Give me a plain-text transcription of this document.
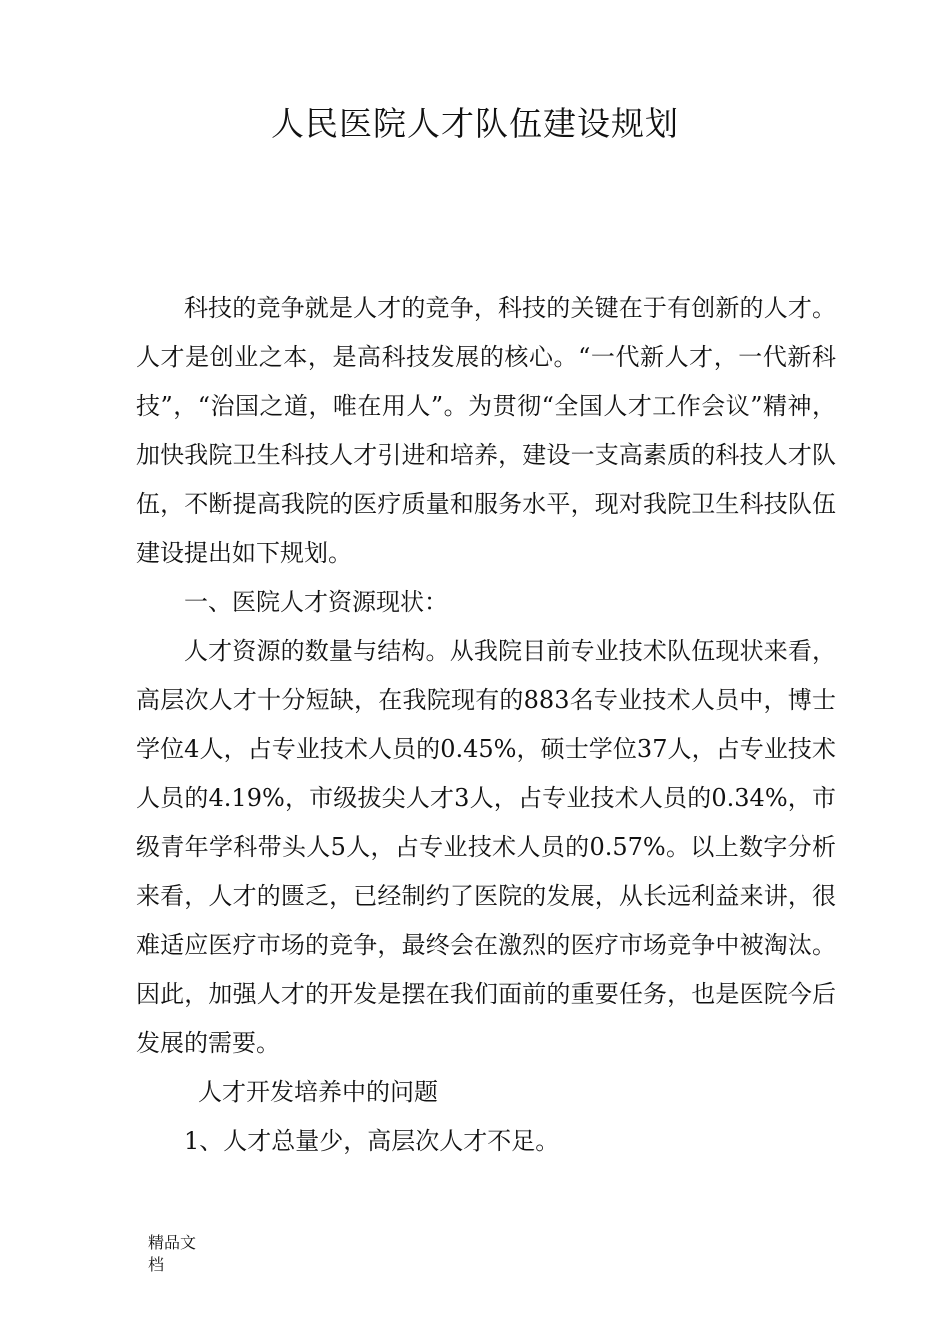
人民医院人才队伍建设规划

科技的竞争就是人才的竞争，科技的关键在于有创新的人才。人才是创业之本，是高科技发展的核心。“一代新人才，一代新科技”，“治国之道，唯在用人”。为贯彻“全国人才工作会议”精神，加快我院卫生科技人才引进和培养，建设一支高素质的科技人才队伍，不断提高我院的医疗质量和服务水平，现对我院卫生科技队伍建设提出如下规划。

一、医院人才资源现状：

人才资源的数量与结构。从我院目前专业技术队伍现状来看，高层次人才十分短缺，在我院现有的883名专业技术人员中，博士学位4人，占专业技术人员的0.45%，硕士学位37人，占专业技术人员的4.19%，市级拔尖人才3人，占专业技术人员的0.34%，市级青年学科带头人5人，占专业技术人员的0.57%。以上数字分析来看，人才的匮乏，已经制约了医院的发展，从长远利益来讲，很难适应医疗市场的竞争，最终会在激烈的医疗市场竞争中被淘汰。因此，加强人才的开发是摆在我们面前的重要任务，也是医院今后发展的需要。

人才开发培养中的问题

1、人才总量少，高层次人才不足。

精品文档
